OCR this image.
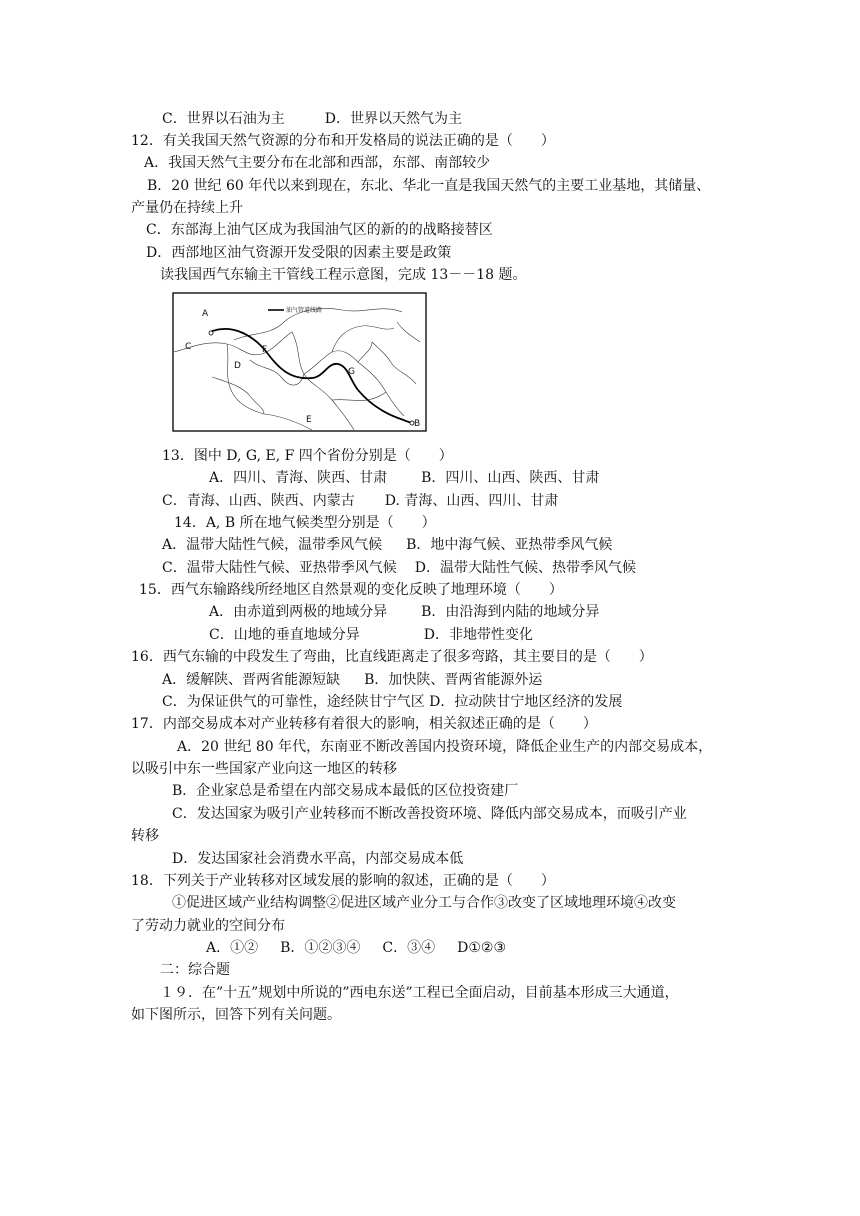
C．世界以石油为主	D．世界以天然气为主
12．有关我国天然气资源的分布和开发格局的说法正确的是（　　）
A．我国天然气主要分布在北部和西部，东部、南部较少
B．20 世纪 60 年代以来到现在，东北、华北一直是我国天然气的主要工业基地，其储量、
产量仍在持续上升
C．东部海上油气区成为我国油气区的新的的战略接替区
D．西部地区油气资源开发受限的因素主要是政策
读我国西气东输主干管线工程示意图，完成 13－－18 题。
13．图中 D, G, E, F 四个省份分别是（　　）
A．四川、青海、陕西、甘肃 B．四川、山西、陕西、甘肃
C．青海、山西、陕西、内蒙古 D. 青海、山西、四川、甘肃
14．A, B 所在地气候类型分别是（　　）
A．温带大陆性气候，温带季风气候 B．地中海气候、亚热带季风气候
C．温带大陆性气候、亚热带季风气候 D．温带大陆性气候、热带季风气候
15．西气东输路线所经地区自然景观的变化反映了地理环境（　　）
A．由赤道到两极的地域分异 B．由沿海到内陆的地域分异
C．山地的垂直地域分异	D．非地带性变化
16．西气东输的中段发生了弯曲，比直线距离走了很多弯路，其主要目的是（　　）
A．缓解陕、晋两省能源短缺 B．加快陕、晋两省能源外运
C．为保证供气的可靠性，途经陕甘宁气区 D．拉动陕甘宁地区经济的发展
17．内部交易成本对产业转移有着很大的影响，相关叙述正确的是（　　）
A．20 世纪 80 年代，东南亚不断改善国内投资环境，降低企业生产的内部交易成本，
以吸引中东一些国家产业向这一地区的转移
B．企业家总是希望在内部交易成本最低的区位投资建厂
C．发达国家为吸引产业转移而不断改善投资环境、降低内部交易成本，而吸引产业
转移
D．发达国家社会消费水平高，内部交易成本低
18．下列关于产业转移对区域发展的影响的叙述，正确的是（　　）
①促进区域产业结构调整②促进区域产业分工与合作③改变了区域地理环境④改变
了劳动力就业的空间分布
A．①② B．①②③④ C．③④ D①②③
二：综合题
１９．在”十五”规划中所说的”西电东送”工程已全面启动，目前基本形成三大通道，
如下图所示，回答下列有关问题。
油气管道线路
A
C
D
F
G
E	B
